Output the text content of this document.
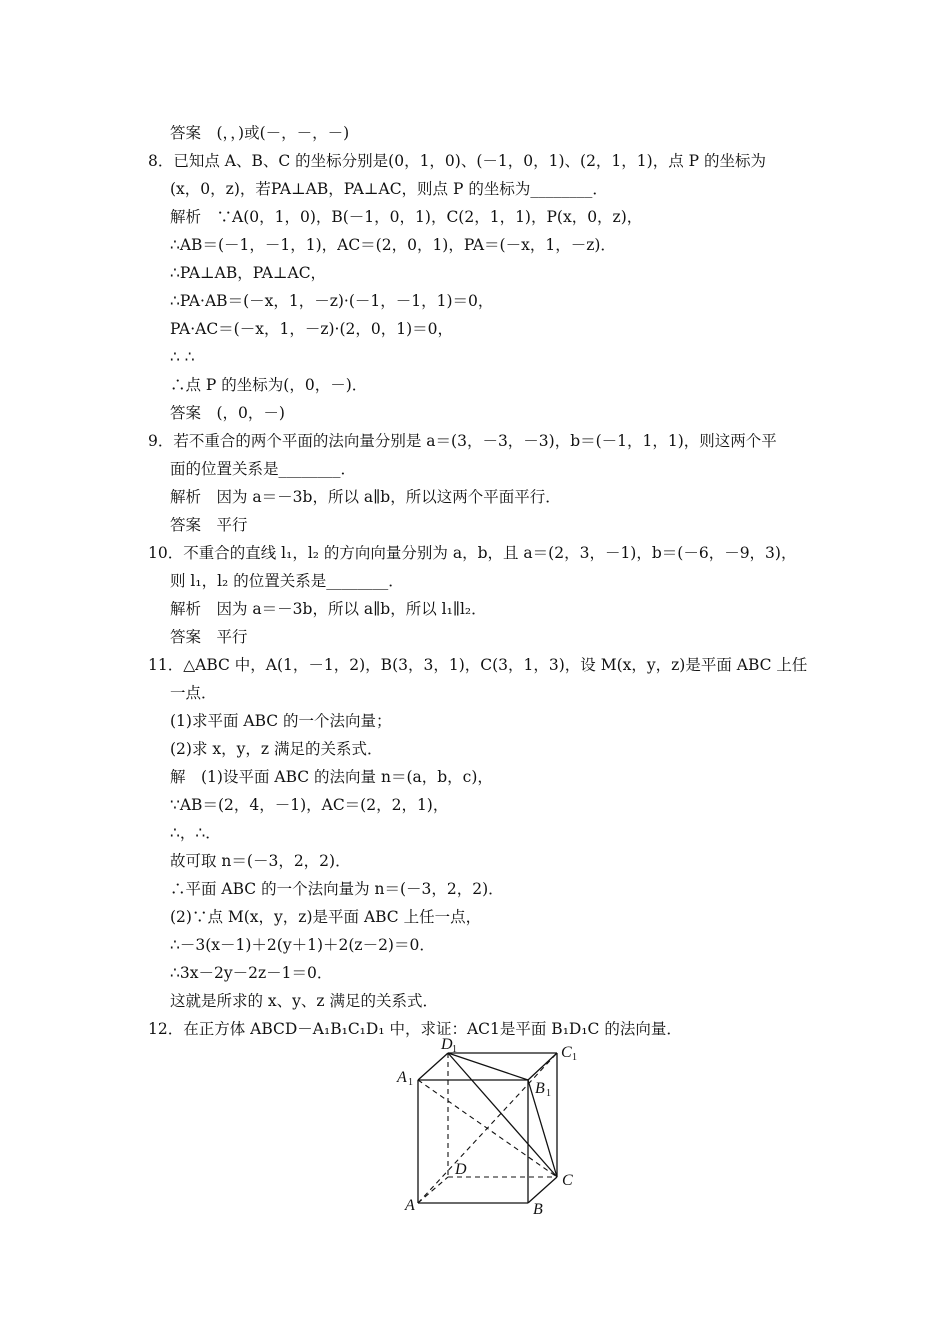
答案　(，，)或(－，－，－)
8．已知点 A、B、C 的坐标分别是(0，1，0)、(－1，0，1)、(2，1，1)，点 P 的坐标为
(x，0，z)，若PA⊥AB，PA⊥AC，则点 P 的坐标为________．
解析　∵A(0，1，0)，B(－1，0，1)，C(2，1，1)，P(x，0，z)，
∴AB＝(－1，－1，1)，AC＝(2，0，1)，PA＝(－x，1，－z)．
∴PA⊥AB，PA⊥AC，
∴PA·AB＝(－x，1，－z)·(－1，－1，1)＝0，
PA·AC＝(－x，1，－z)·(2，0，1)＝0，
∴ ∴
∴点 P 的坐标为(，0，－)．
答案　(，0，－)
9．若不重合的两个平面的法向量分别是 a＝(3，－3，－3)，b＝(－1，1，1)，则这两个平
面的位置关系是________．
解析　因为 a＝－3b，所以 a∥b，所以这两个平面平行．
答案　平行
10．不重合的直线 l₁，l₂ 的方向向量分别为 a，b，且 a＝(2，3，－1)，b＝(－6，－9，3)，
则 l₁，l₂ 的位置关系是________．
解析　因为 a＝－3b，所以 a∥b，所以 l₁∥l₂．
答案　平行
11．△ABC 中，A(1，－1，2)，B(3，3，1)，C(3，1，3)，设 M(x，y，z)是平面 ABC 上任
一点．
(1)求平面 ABC 的一个法向量；
(2)求 x，y，z 满足的关系式．
解　(1)设平面 ABC 的法向量 n＝(a，b，c)，
∵AB＝(2，4，－1)，AC＝(2，2，1)，
∴，∴．
故可取 n＝(－3，2，2)．
∴平面 ABC 的一个法向量为 n＝(－3，2，2)．
(2)∵点 M(x，y，z)是平面 ABC 上任一点，
∴－3(x－1)＋2(y＋1)＋2(z－2)＝0．
∴3x－2y－2z－1＝0．
这就是所求的 x、y、z 满足的关系式．
12．在正方体 ABCD－A₁B₁C₁D₁ 中，求证：AC1是平面 B₁D₁C 的法向量．
D 1	C 1
A 1	B 1
D
C
A	B
